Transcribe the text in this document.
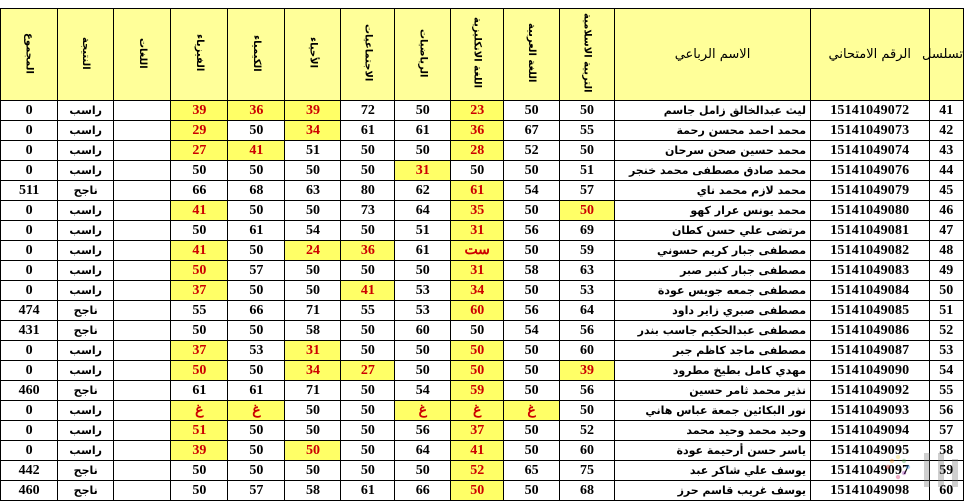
تسلسل	الرقم الامتحاني	الاسم الرباعي	التربية الاسلامية	اللغة العربية	اللغة الانكليزية	الرياضيات	الاجتماعيات	الأحياء	الكيمياء	الفيزياء	اللغات	النتيجة	المجموع
41	15141049072	ليث عبدالخالق زامل جاسم	50	50	23	50	72	39	36	39		راسب	0
42	15141049073	محمد احمد محسن رحمة	55	67	36	61	61	34	50	29		راسب	0
43	15141049074	محمد حسين صحن سرحان	50	52	28	50	50	51	41	27		راسب	0
44	15141049076	محمد صادق مصطفى محمد خنجر	51	50	50	31	50	50	50	50		راسب	0
45	15141049079	محمد لازم محمد ناي	57	54	61	62	80	63	68	66		ناجح	511
46	15141049080	محمد يونس عرار كهو	50	50	35	64	73	50	50	41		راسب	0
47	15141049081	مرتضى علي حسن كطان	69	56	31	51	50	54	61	50		راسب	0
48	15141049082	مصطفى جبار كريم حسوني	59	50	ست	61	36	24	50	41		راسب	0
49	15141049083	مصطفى جبار كنبر صبر	63	58	31	50	50	50	57	50		راسب	0
50	15141049084	مصطفى جمعه جويس عودة	53	50	34	53	41	50	50	37		راسب	0
51	15141049085	مصطفى صبري زاير داود	64	56	60	53	55	71	66	55		ناجح	474
52	15141049086	مصطفى عبدالحكيم جاسب بندر	56	54	50	60	50	58	50	50		ناجح	431
53	15141049087	مصطفى ماجد كاظم جبر	60	50	50	50	50	31	53	37		راسب	0
54	15141049090	مهدي كامل بطيخ مطرود	39	50	50	50	27	34	50	50		راسب	0
55	15141049092	نذير محمد ثامر حسين	56	50	59	54	50	71	61	61		ناجح	460
56	15141049093	نور البكائين جمعة عباس هاني	50	غ	غ	غ	50	50	غ	غ		راسب	0
57	15141049094	وحيد محمد وحيد محمد	52	50	37	56	50	50	50	51		راسب	0
58	15141049095	ياسر حسن أرحيمة عودة	60	50	41	64	50	50	50	39		راسب	0
59	15141049097	يوسف علي شاكر عبد	75	65	52	50	50	50	50	50		ناجح	442
60	15141049098	يوسف غريب قاسم حرز	68	50	50	66	61	58	57	50		ناجح	460
